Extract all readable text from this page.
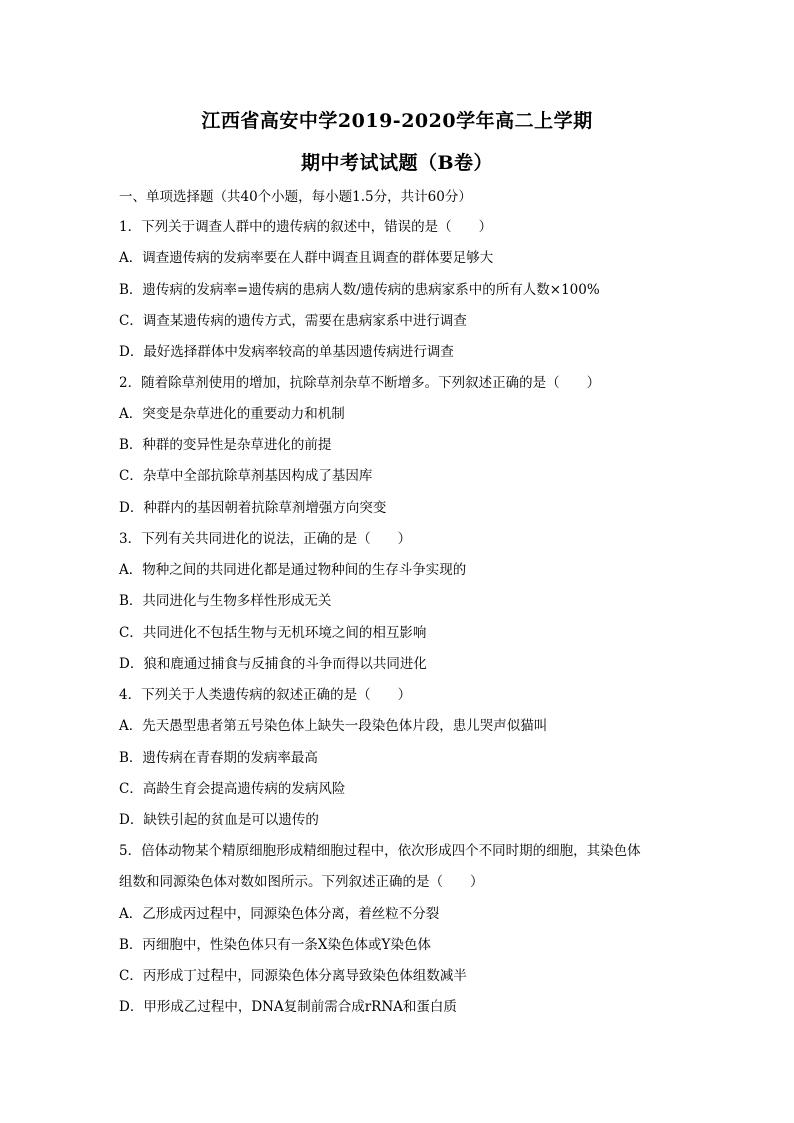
江西省高安中学2019-2020学年高二上学期
期中考试试题（B卷）
一、单项选择题（共40个小题，每小题1.5分，共计60分）
1．下列关于调查人群中的遗传病的叙述中，错误的是（　　）
A．调查遗传病的发病率要在人群中调查且调查的群体要足够大
B．遗传病的发病率=遗传病的患病人数/遗传病的患病家系中的所有人数×100%
C．调查某遗传病的遗传方式，需要在患病家系中进行调查
D．最好选择群体中发病率较高的单基因遗传病进行调查
2．随着除草剂使用的增加，抗除草剂杂草不断增多。下列叙述正确的是（　　）
A．突变是杂草进化的重要动力和机制
B．种群的变异性是杂草进化的前提
C．杂草中全部抗除草剂基因构成了基因库
D．种群内的基因朝着抗除草剂增强方向突变
3．下列有关共同进化的说法，正确的是（　　）
A．物种之间的共同进化都是通过物种间的生存斗争实现的
B．共同进化与生物多样性形成无关
C．共同进化不包括生物与无机环境之间的相互影响
D．狼和鹿通过捕食与反捕食的斗争而得以共同进化
4．下列关于人类遗传病的叙述正确的是（　　）
A．先天愚型患者第五号染色体上缺失一段染色体片段，患儿哭声似猫叫
B．遗传病在青春期的发病率最高
C．高龄生育会提高遗传病的发病风险
D．缺铁引起的贫血是可以遗传的
5．倍体动物某个精原细胞形成精细胞过程中，依次形成四个不同时期的细胞，其染色体
组数和同源染色体对数如图所示。下列叙述正确的是（　　）
A．乙形成丙过程中，同源染色体分离，着丝粒不分裂
B．丙细胞中，性染色体只有一条X染色体或Y染色体
C．丙形成丁过程中，同源染色体分离导致染色体组数减半
D．甲形成乙过程中，DNA复制前需合成rRNA和蛋白质
